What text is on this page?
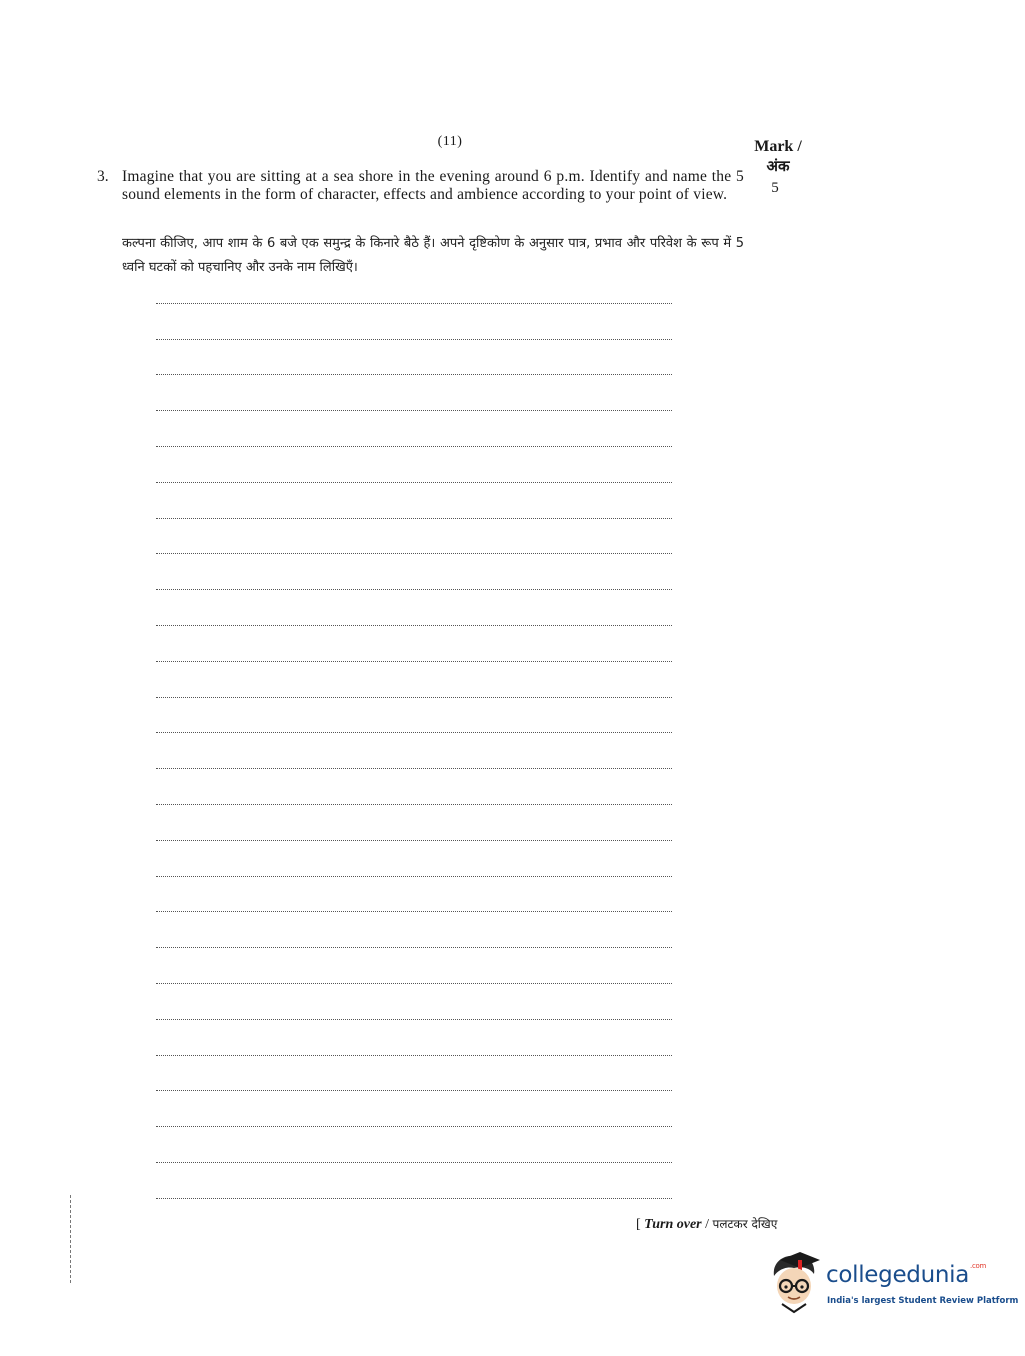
(11)	Mark /
अंक
5
3. Imagine that you are sitting at a sea shore in the evening around 6 p.m. Identify and name the 5 sound elements in the form of character, effects and ambience according to your point of view.
कल्पना कीजिए, आप शाम के 6 बजे एक समुन्द्र के किनारे बैठे हैं। अपने दृष्टिकोण के अनुसार पात्र, प्रभाव और परिवेश के रूप में 5 ध्वनि घटकों को पहचानिए और उनके नाम लिखिएँ।
[ Turn over / पलटकर देखिए
collegedunia$^{.com}$
India's largest Student Review Platform
